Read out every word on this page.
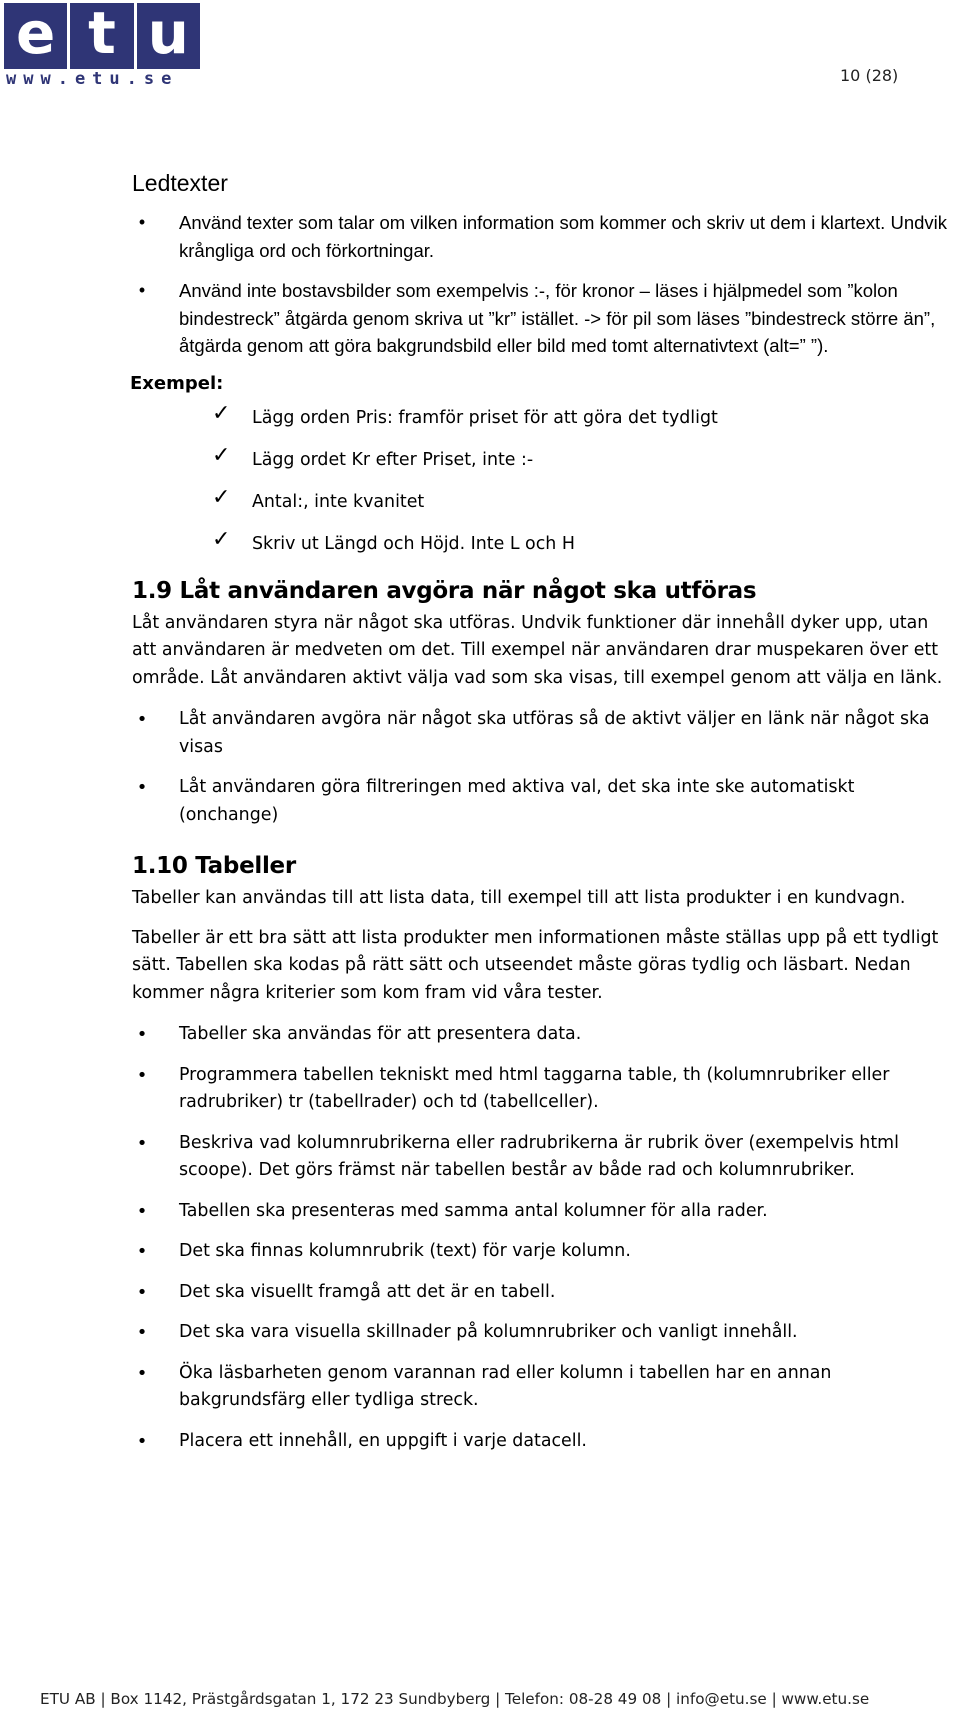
e t u
www.etu.se	10 (28)
Ledtexter
•	Använd texter som talar om vilken information som kommer och skriv ut dem i klartext. Undvik krångliga ord och förkortningar.
•	Använd inte bostavsbilder som exempelvis :-, för kronor – läses i hjälpmedel som ”kolon bindestreck” åtgärda genom skriva ut ”kr” istället. -> för pil som läses ”bindestreck större än”, åtgärda genom att göra bakgrundsbild eller bild med tomt alternativtext (alt=” ”).
Exempel:
✓ Lägg orden Pris: framför priset för att göra det tydligt
✓ Lägg ordet Kr efter Priset, inte :-
✓ Antal:, inte kvanitet
✓ Skriv ut Längd och Höjd. Inte L och H
1.9 Låt användaren avgöra när något ska utföras

Låt användaren styra när något ska utföras. Undvik funktioner där innehåll dyker upp, utan att användaren är medveten om det. Till exempel när användaren drar muspekaren över ett område. Låt användaren aktivt välja vad som ska visas, till exempel genom att välja en länk.

• Låt användaren avgöra när något ska utföras så de aktivt väljer en länk när något ska visas
• Låt användaren göra filtreringen med aktiva val, det ska inte ske automatiskt (onchange)
1.10 Tabeller

Tabeller kan användas till att lista data, till exempel till att lista produkter i en kundvagn.

Tabeller är ett bra sätt att lista produkter men informationen måste ställas upp på ett tydligt sätt. Tabellen ska kodas på rätt sätt och utseendet måste göras tydlig och läsbart. Nedan kommer några kriterier som kom fram vid våra tester.

• Tabeller ska användas för att presentera data.
• Programmera tabellen tekniskt med html taggarna table, th (kolumnrubriker eller radrubriker) tr (tabellrader) och td (tabellceller).
• Beskriva vad kolumnrubrikerna eller radrubrikerna är rubrik över (exempelvis html scoope). Det görs främst när tabellen består av både rad och kolumnrubriker.
• Tabellen ska presenteras med samma antal kolumner för alla rader.
• Det ska finnas kolumnrubrik (text) för varje kolumn.
• Det ska visuellt framgå att det är en tabell.
• Det ska vara visuella skillnader på kolumnrubriker och vanligt innehåll.
• Öka läsbarheten genom varannan rad eller kolumn i tabellen har en annan bakgrundsfärg eller tydliga streck.
• Placera ett innehåll, en uppgift i varje datacell.
ETU AB | Box 1142, Prästgårdsgatan 1, 172 23 Sundbyberg | Telefon: 08-28 49 08 | info@etu.se | www.etu.se
